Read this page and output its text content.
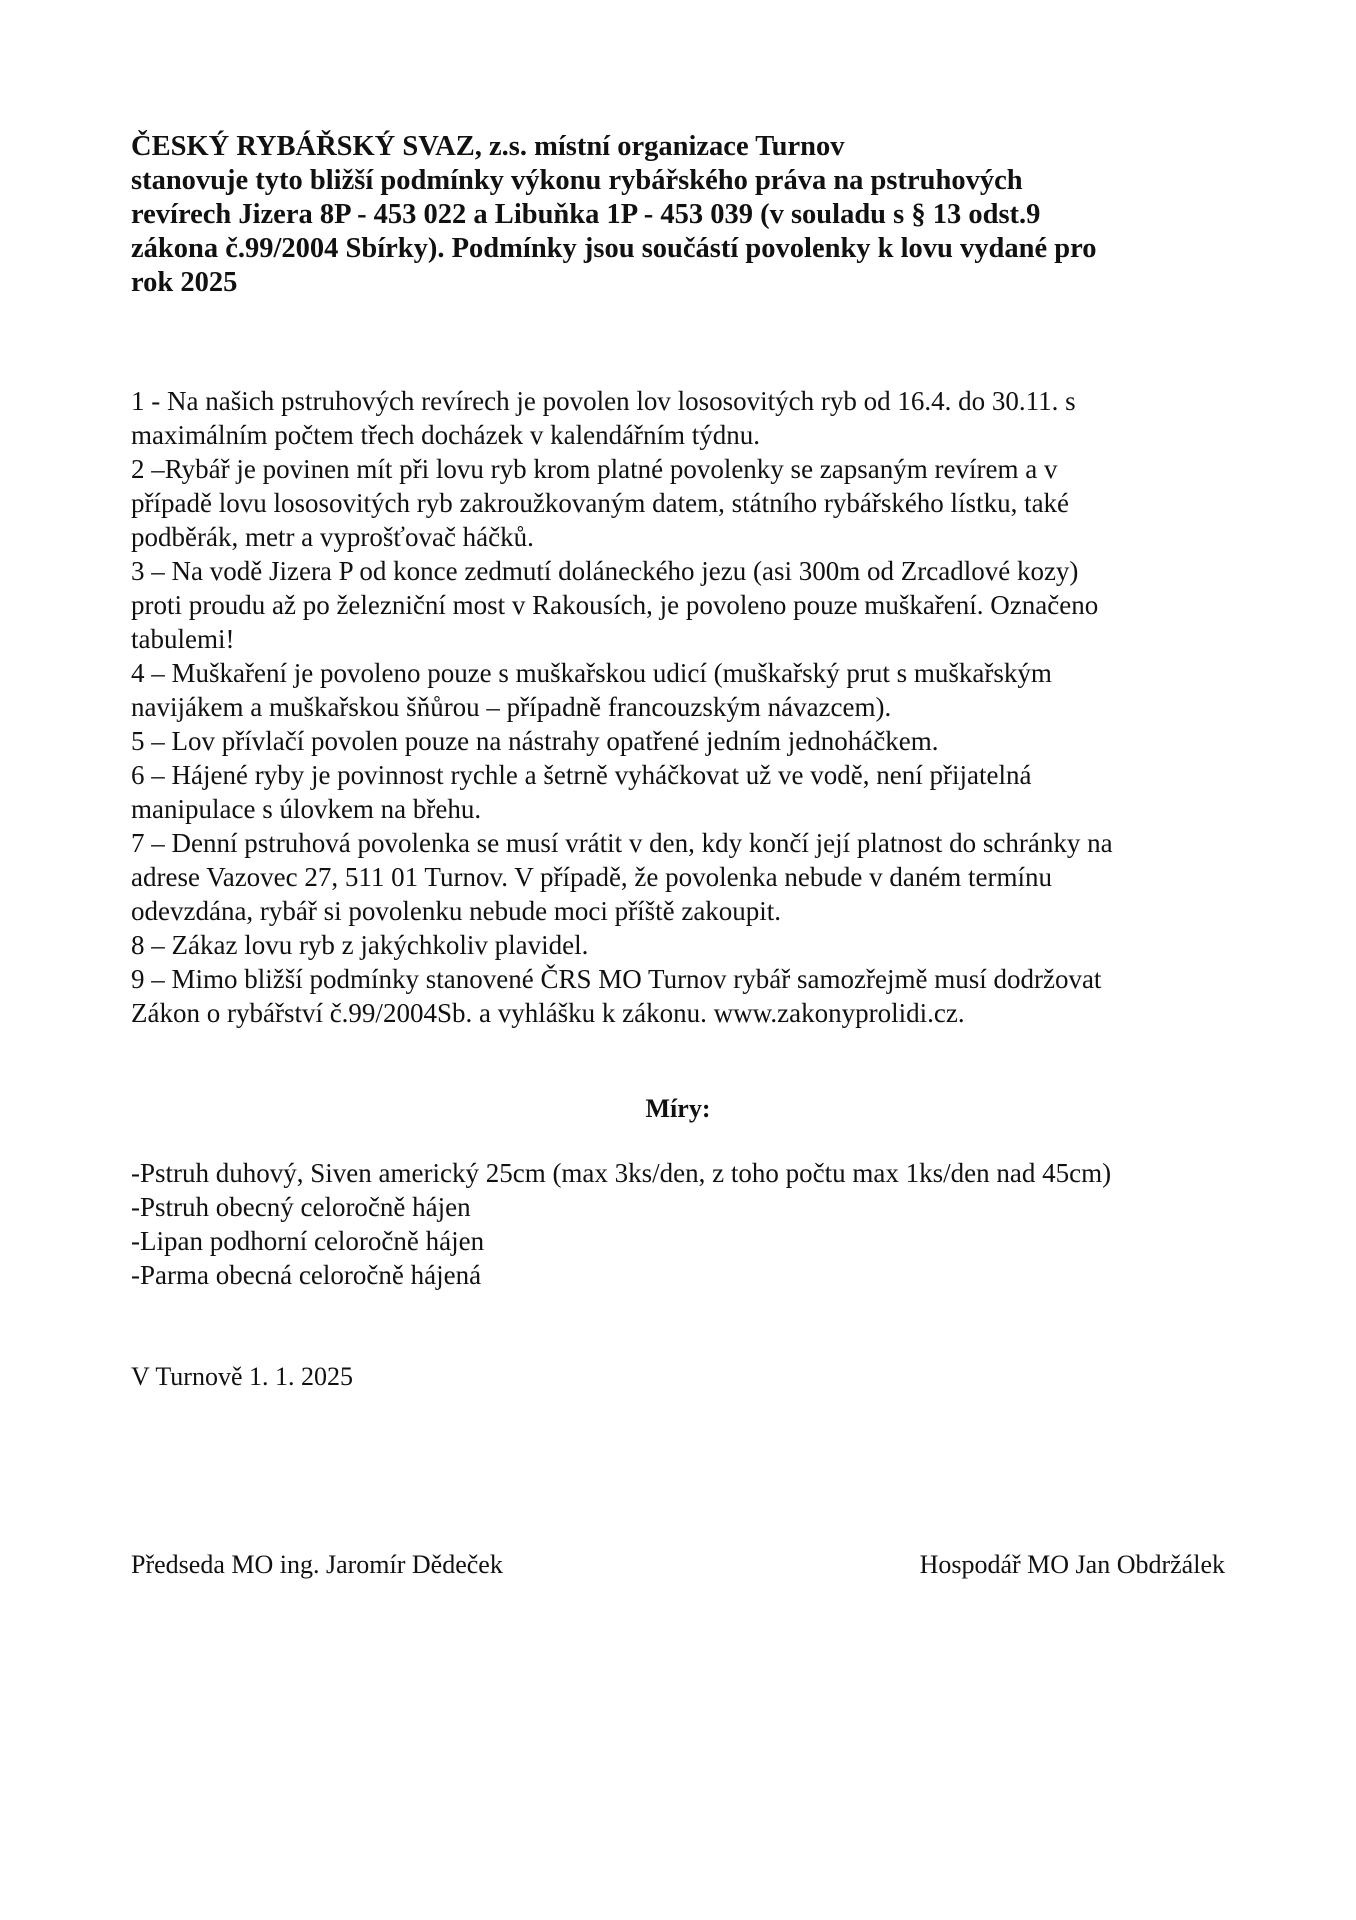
ČESKÝ RYBÁŘSKÝ SVAZ, z.s. místní organizace Turnov
stanovuje tyto bližší podmínky výkonu rybářského práva na pstruhových
revírech Jizera 8P - 453 022 a Libuňka 1P - 453 039 (v souladu s § 13 odst.9
zákona č.99/2004 Sbírky). Podmínky jsou součástí povolenky k lovu vydané pro
rok 2025
1 - Na našich pstruhových revírech je povolen lov lososovitých ryb od 16.4. do 30.11. s
maximálním počtem třech docházek v kalendářním týdnu.
2 –Rybář je povinen mít při lovu ryb krom platné povolenky se zapsaným revírem a v
případě lovu lososovitých ryb zakroužkovaným datem, státního rybářského lístku, také
podběrák, metr a vyprošťovač háčků.
3 – Na vodě Jizera P od konce zedmutí doláneckého jezu (asi 300m od Zrcadlové kozy)
proti proudu až po železniční most v Rakousích, je povoleno pouze muškaření. Označeno
tabulemi!
4 – Muškaření je povoleno pouze s muškařskou udicí (muškařský prut s muškařským
navijákem a muškařskou šňůrou – případně francouzským návazcem).
5 – Lov přívlačí povolen pouze na nástrahy opatřené jedním jednoháčkem.
6 – Hájené ryby je povinnost rychle a šetrně vyháčkovat už ve vodě, není přijatelná
manipulace s úlovkem na břehu.
7 – Denní pstruhová povolenka se musí vrátit v den, kdy končí její platnost do schránky na
adrese Vazovec 27, 511 01 Turnov. V případě, že povolenka nebude v daném termínu
odevzdána, rybář si povolenku nebude moci příště zakoupit.
8 – Zákaz lovu ryb z jakýchkoliv plavidel.
9 – Mimo bližší podmínky stanovené ČRS MO Turnov rybář samozřejmě musí dodržovat
Zákon o rybářství č.99/2004Sb. a vyhlášku k zákonu. www.zakonyprolidi.cz.
Míry:
-Pstruh duhový, Siven americký 25cm (max 3ks/den, z toho počtu max 1ks/den nad 45cm)
-Pstruh obecný celoročně hájen
-Lipan podhorní celoročně hájen
-Parma obecná celoročně hájená
V Turnově 1. 1. 2025
Předseda MO ing. Jaromír Dědeček	Hospodář MO Jan Obdržálek
